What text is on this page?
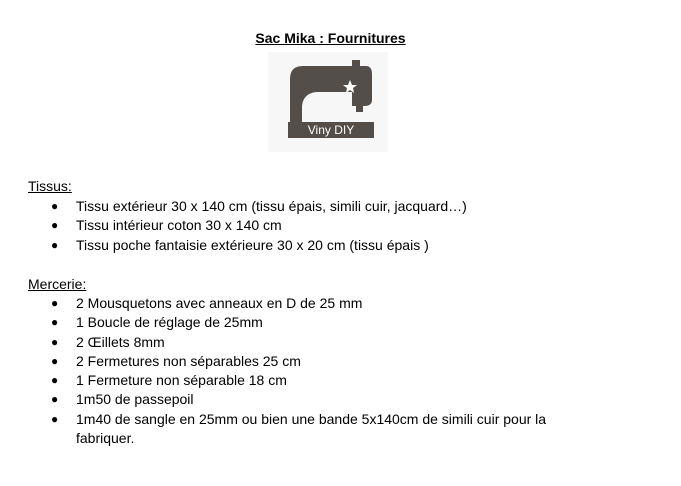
Sac Mika : Fournitures
Viny DIY
Tissus:
● Tissu extérieur 30 x 140 cm (tissu épais, simili cuir, jacquard…)
● Tissu intérieur coton 30 x 140 cm
● Tissu poche fantaisie extérieure 30 x 20 cm (tissu épais )
Mercerie:
● 2 Mousquetons avec anneaux en D de 25 mm
● 1 Boucle de réglage de 25mm
● 2 Œillets 8mm
● 2 Fermetures non séparables 25 cm
● 1 Fermeture non séparable 18 cm
● 1m50 de passepoil
● 1m40 de sangle en 25mm ou bien une bande 5x140cm de simili cuir pour la fabriquer.
